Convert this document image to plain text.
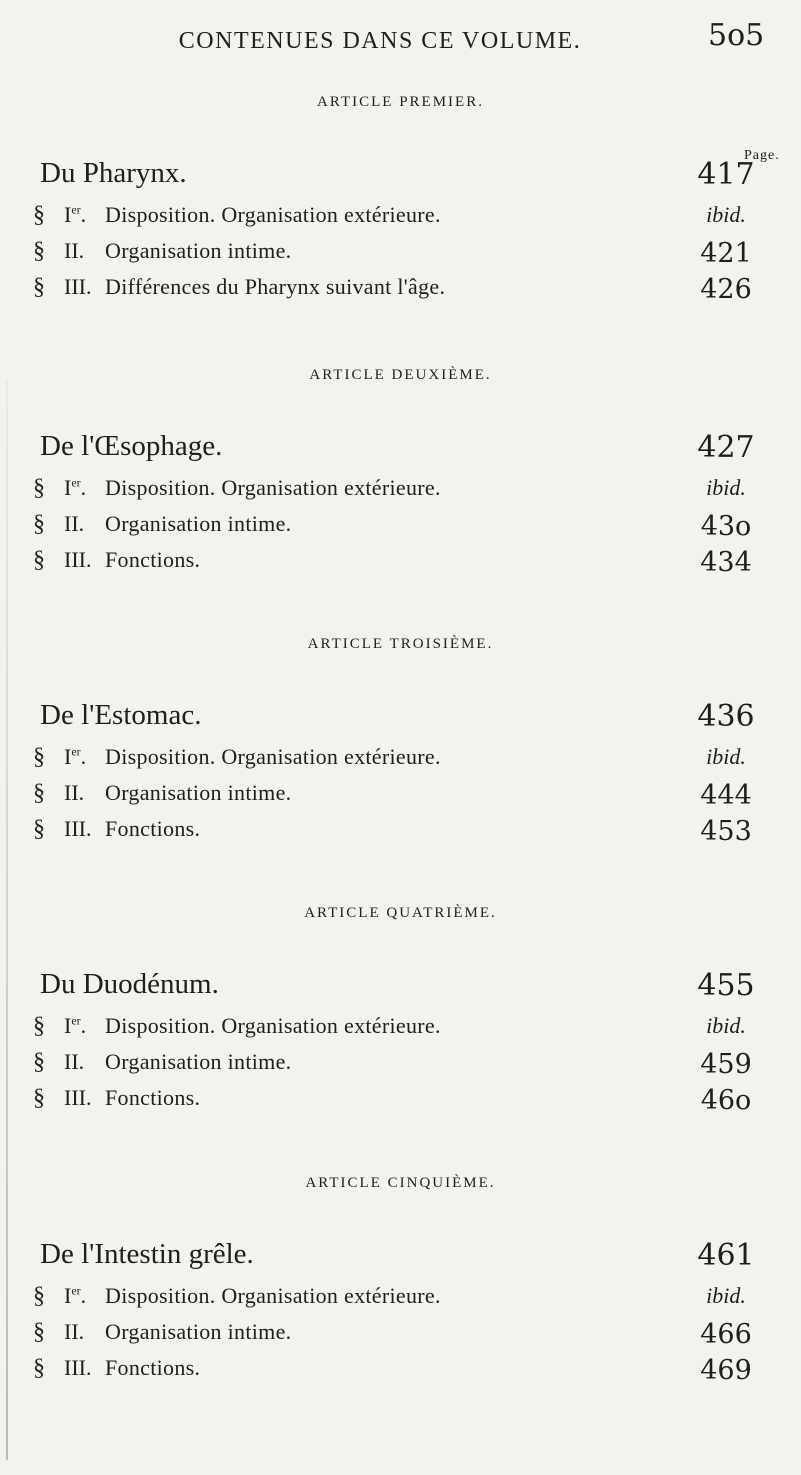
CONTENUES DANS CE VOLUME.	5o5
Page.
ARTICLE PREMIER.
Du Pharynx.	417
§ Ier. Disposition. Organisation extérieure.	ibid.
§ II. Organisation intime.	421
§ III. Différences du Pharynx suivant l'âge.	426
ARTICLE DEUXIÈME.
De l'Œsophage.	427
§ Ier. Disposition. Organisation extérieure.	ibid.
§ II. Organisation intime.	43o
§ III. Fonctions.	434
ARTICLE TROISIÈME.
De l'Estomac.	436
§ Ier. Disposition. Organisation extérieure.	ibid.
§ II. Organisation intime.	444
§ III. Fonctions.	453
ARTICLE QUATRIÈME.
Du Duodénum.	455
§ Ier. Disposition. Organisation extérieure.	ibid.
§ II. Organisation intime.	459
§ III. Fonctions.	46o
ARTICLE CINQUIÈME.
De l'Intestin grêle.	461
§ Ier. Disposition. Organisation extérieure.	ibid.
§ II. Organisation intime.	466
§ III. Fonctions.	469
